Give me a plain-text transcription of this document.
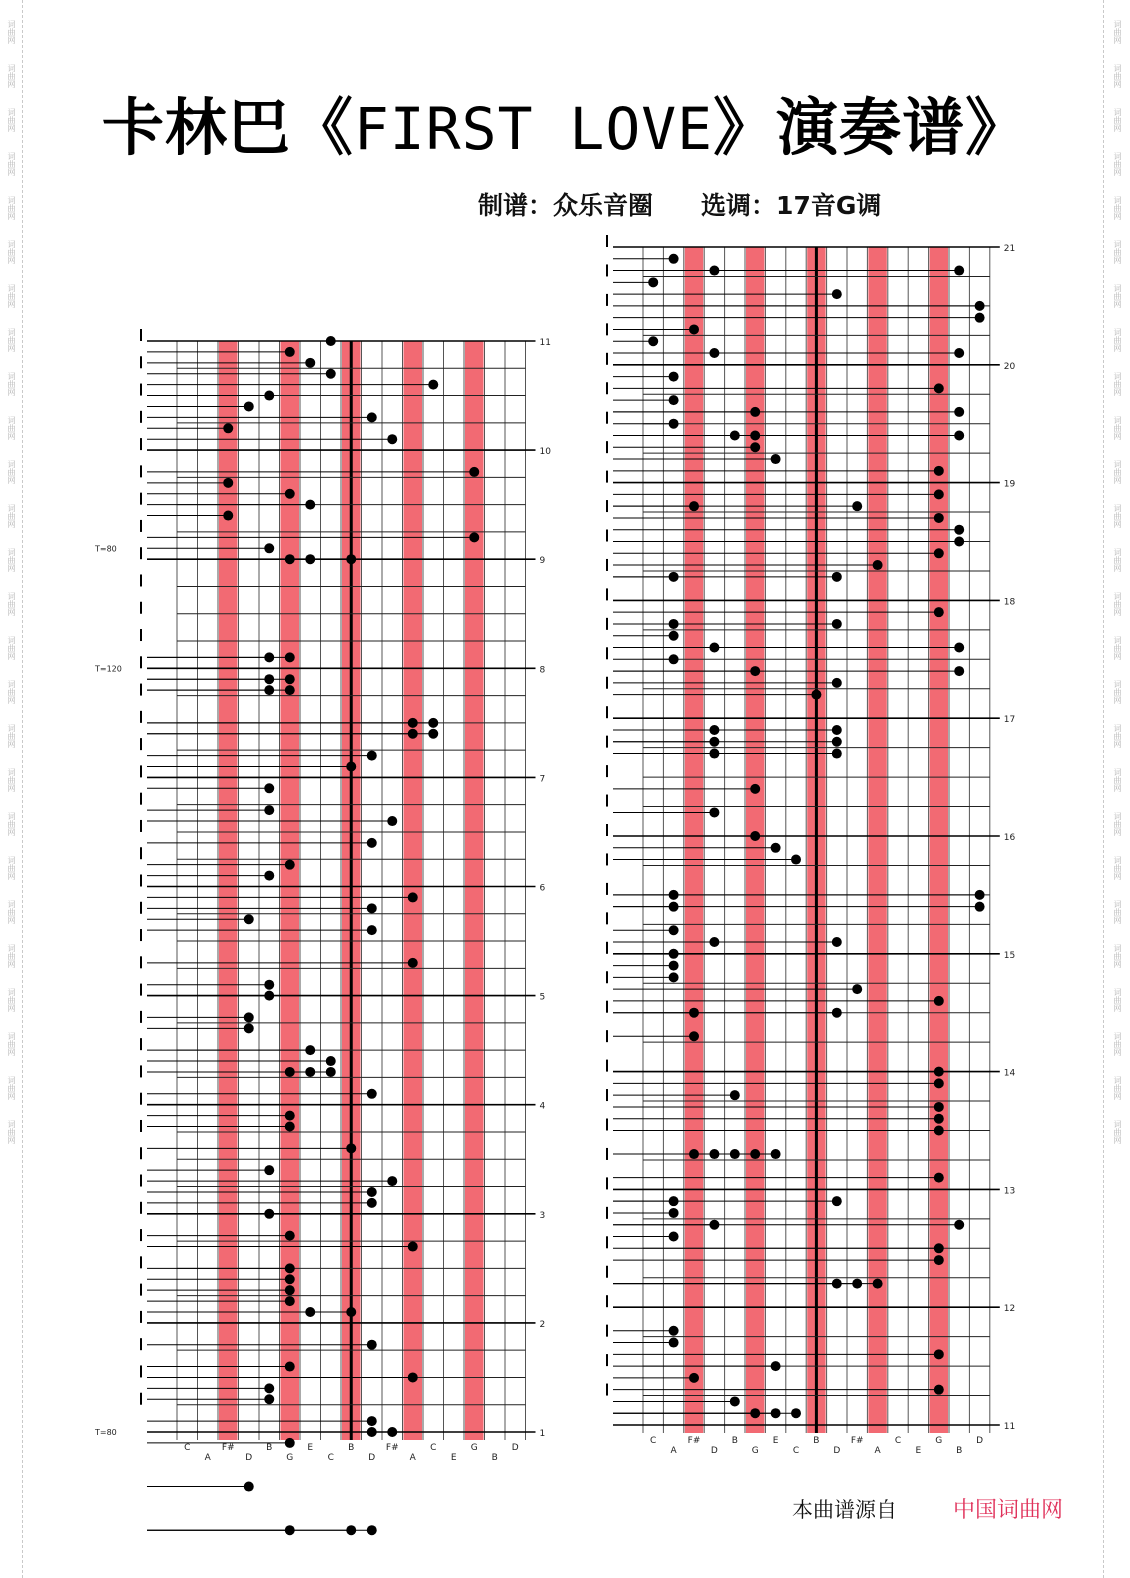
词曲网
词曲网
词曲网
词曲网
词曲网
词曲网
词曲网
词曲网
词曲网
词曲网
词曲网
词曲网
词曲网
词曲网
词曲网
词曲网
词曲网
词曲网
词曲网
词曲网
词曲网
词曲网
词曲网
词曲网
词曲网
词曲网
词曲网
词曲网
词曲网
词曲网
词曲网
词曲网
词曲网
词曲网
词曲网
词曲网
词曲网
词曲网
词曲网
词曲网
词曲网
词曲网
词曲网
词曲网
词曲网
词曲网
词曲网
词曲网
词曲网
词曲网
词曲网
词曲网
卡林巴《FIRST LOVE》演奏谱》
制谱：众乐音圈 选调：17音G调
1
2
3
4
5
6
7
8
9
10
11
C
A
F#
D
B
G
E
C
B
D
F#
A
C
E
G
B
D
T=80
T=120
T=80
11
12
13
14
15
16
17
18
19
20
21
C
A
F#
D
B
G
E
C
B
D
F#
A
C
E
G
B
D
本曲谱源自	中国词曲网
